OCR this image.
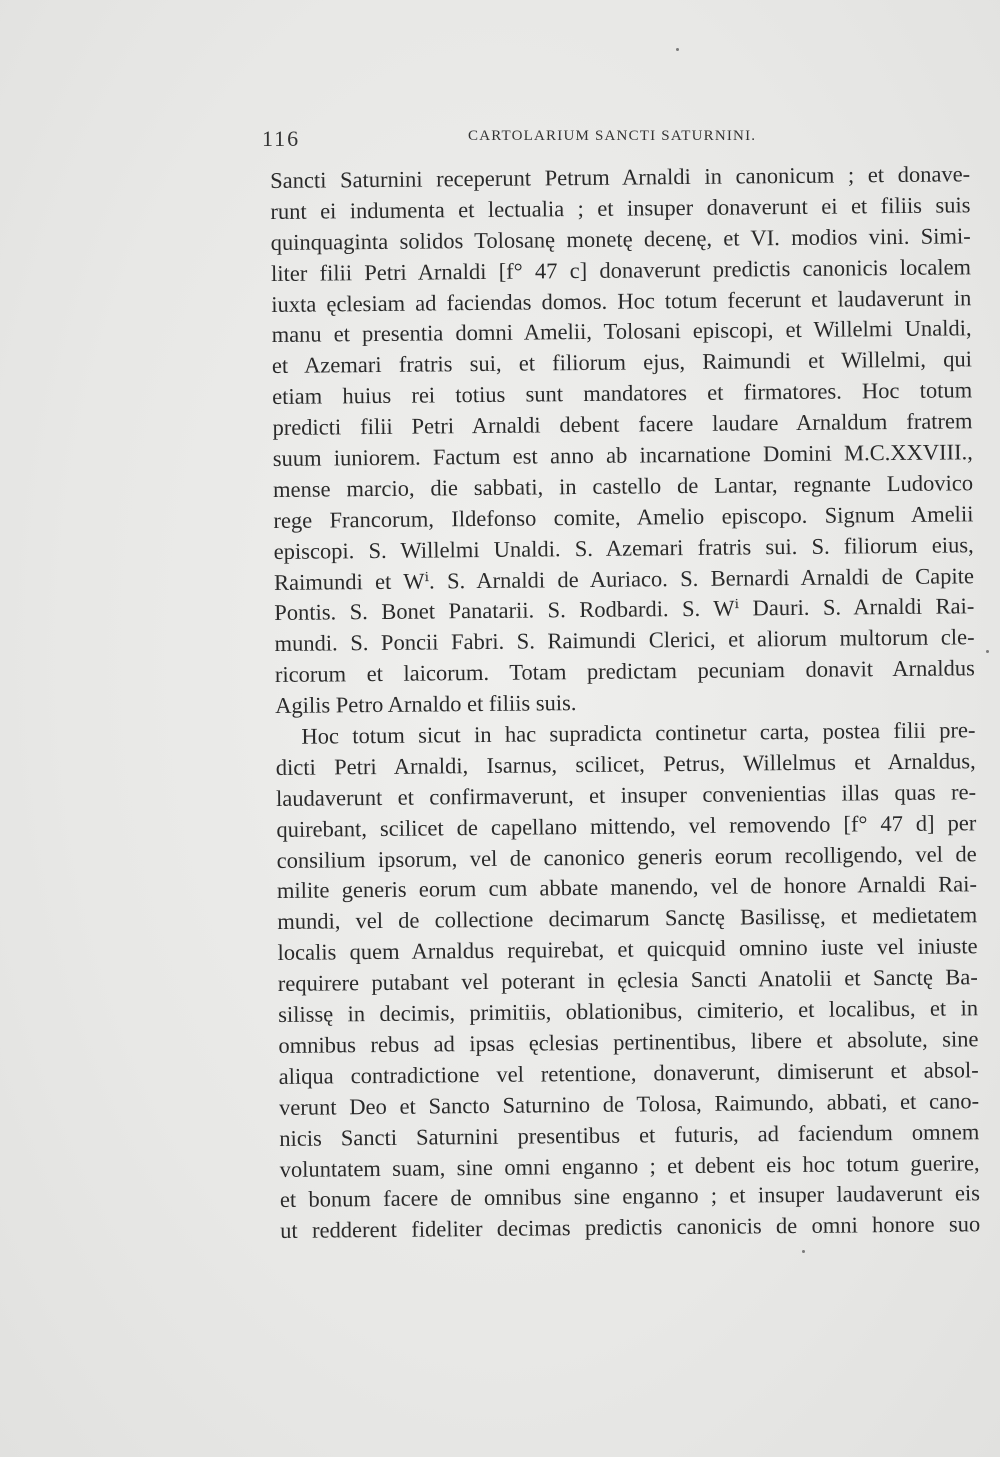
116	CARTOLARIUM SANCTI SATURNINI.
Sancti Saturnini receperunt Petrum Arnaldi in canonicum ; et donave-
runt ei indumenta et lectualia ; et insuper donaverunt ei et filiis suis
quinquaginta solidos Tolosanę monetę decenę, et VI. modios vini. Simi-
liter filii Petri Arnaldi [f° 47 c] donaverunt predictis canonicis localem
iuxta ęclesiam ad faciendas domos. Hoc totum fecerunt et laudaverunt in
manu et presentia domni Amelii, Tolosani episcopi, et Willelmi Unaldi,
et Azemari fratris sui, et filiorum ejus, Raimundi et Willelmi, qui
etiam huius rei totius sunt mandatores et firmatores. Hoc totum
predicti filii Petri Arnaldi debent facere laudare Arnaldum fratrem
suum iuniorem. Factum est anno ab incarnatione Domini M.C.XXVIII.,
mense marcio, die sabbati, in castello de Lantar, regnante Ludovico
rege Francorum, Ildefonso comite, Amelio episcopo. Signum Amelii
episcopi. S. Willelmi Unaldi. S. Azemari fratris sui. S. filiorum eius,
Raimundi et Wⁱ. S. Arnaldi de Auriaco. S. Bernardi Arnaldi de Capite
Pontis. S. Bonet Panatarii. S. Rodbardi. S. Wⁱ Dauri. S. Arnaldi Rai-
mundi. S. Poncii Fabri. S. Raimundi Clerici, et aliorum multorum cle-
ricorum et laicorum. Totam predictam pecuniam donavit Arnaldus
Agilis Petro Arnaldo et filiis suis.
Hoc totum sicut in hac supradicta continetur carta, postea filii pre-
dicti Petri Arnaldi, Isarnus, scilicet, Petrus, Willelmus et Arnaldus,
laudaverunt et confirmaverunt, et insuper convenientias illas quas re-
quirebant, scilicet de capellano mittendo, vel removendo [f° 47 d] per
consilium ipsorum, vel de canonico generis eorum recolligendo, vel de
milite generis eorum cum abbate manendo, vel de honore Arnaldi Rai-
mundi, vel de collectione decimarum Sanctę Basilissę, et medietatem
localis quem Arnaldus requirebat, et quicquid omnino iuste vel iniuste
requirere putabant vel poterant in ęclesia Sancti Anatolii et Sanctę Ba-
silissę in decimis, primitiis, oblationibus, cimiterio, et localibus, et in
omnibus rebus ad ipsas ęclesias pertinentibus, libere et absolute, sine
aliqua contradictione vel retentione, donaverunt, dimiserunt et absol-
verunt Deo et Sancto Saturnino de Tolosa, Raimundo, abbati, et cano-
nicis Sancti Saturnini presentibus et futuris, ad faciendum omnem
voluntatem suam, sine omni enganno ; et debent eis hoc totum guerire,
et bonum facere de omnibus sine enganno ; et insuper laudaverunt eis
ut redderent fideliter decimas predictis canonicis de omni honore suo
